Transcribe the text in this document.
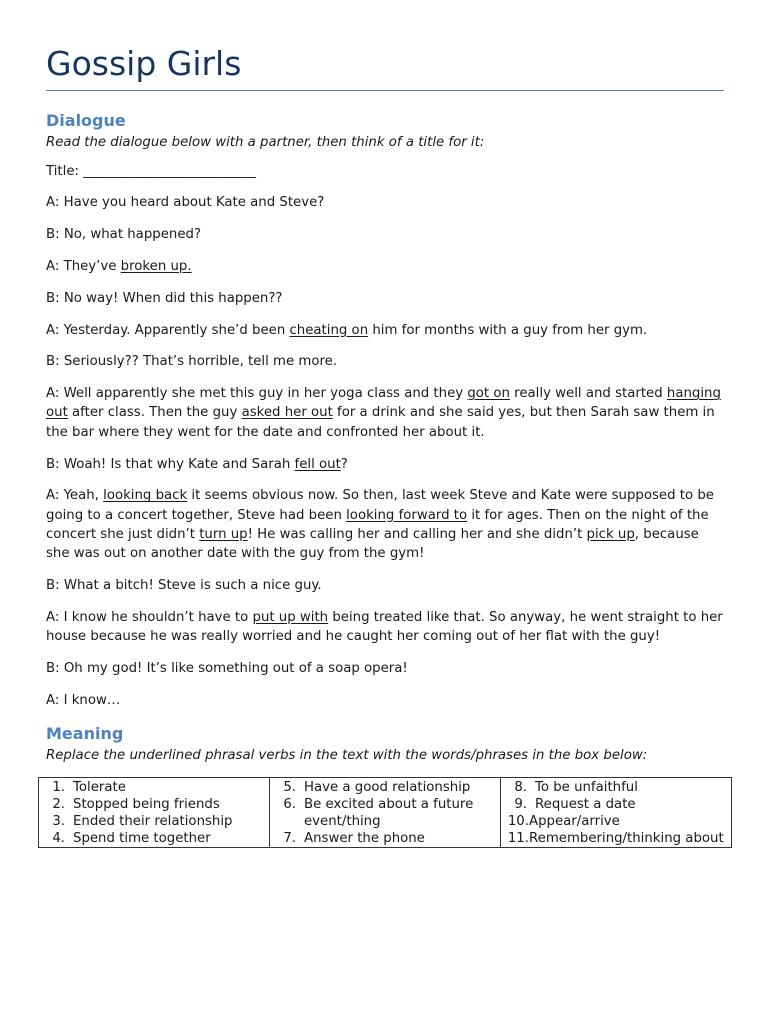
Gossip Girls
Dialogue
Read the dialogue below with a partner, then think of a title for it:
Title: __________________________
A: Have you heard about Kate and Steve?
B: No, what happened?
A: They’ve broken up.
B: No way! When did this happen??
A: Yesterday. Apparently she’d been cheating on him for months with a guy from her gym.
B: Seriously?? That’s horrible, tell me more.
A: Well apparently she met this guy in her yoga class and they got on really well and started hanging out after class. Then the guy asked her out for a drink and she said yes, but then Sarah saw them in the bar where they went for the date and confronted her about it.
B: Woah! Is that why Kate and Sarah fell out?
A: Yeah, looking back it seems obvious now. So then, last week Steve and Kate were supposed to be going to a concert together, Steve had been looking forward to it for ages. Then on the night of the concert she just didn’t turn up! He was calling her and calling her and she didn’t pick up, because she was out on another date with the guy from the gym!
B: What a bitch! Steve is such a nice guy.
A: I know he shouldn’t have to put up with being treated like that. So anyway, he went straight to her house because he was really worried and he caught her coming out of her flat with the guy!
B: Oh my god! It’s like something out of a soap opera!
A: I know…
Meaning
Replace the underlined phrasal verbs in the text with the words/phrases in the box below:
1. Tolerate
2. Stopped being friends
3. Ended their relationship
4. Spend time together

5. Have a good relationship
6. Be excited about a future event/thing
7. Answer the phone

8. To be unfaithful
9. Request a date
10. Appear/arrive
11. Remembering/thinking about
